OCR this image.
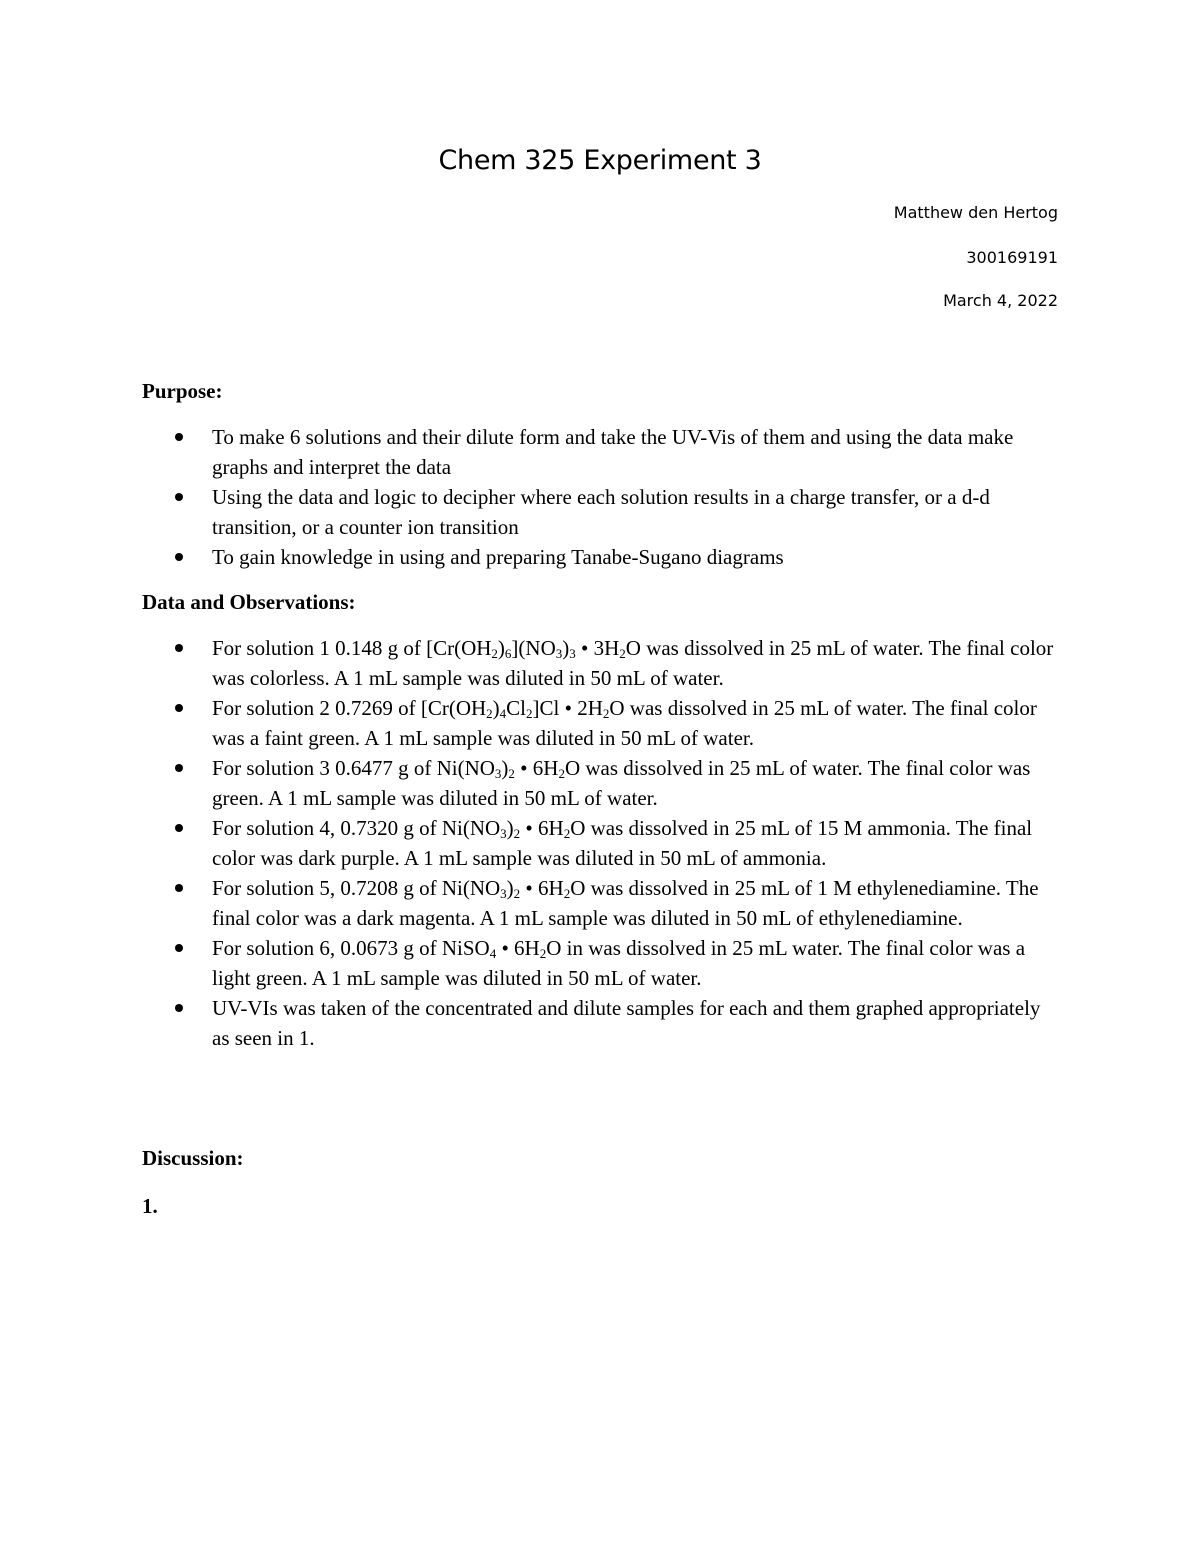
Chem 325 Experiment 3
Matthew den Hertog
300169191
March 4, 2022
Purpose:
To make 6 solutions and their dilute form and take the UV-Vis of them and using the data make graphs and interpret the data
Using the data and logic to decipher where each solution results in a charge transfer, or a d-d transition, or a counter ion transition
To gain knowledge in using and preparing Tanabe-Sugano diagrams
Data and Observations:
For solution 1 0.148 g of $[Cr(OH_2)_6](NO_3)_3$ • $3H_2O$ was dissolved in 25 mL of water. The final color was colorless. A 1 mL sample was diluted in 50 mL of water.
For solution 2 0.7269 of $[Cr(OH_2)_4Cl_2]Cl$ • $2H_2O$ was dissolved in 25 mL of water. The final color was a faint green. A 1 mL sample was diluted in 50 mL of water.
For solution 3 0.6477 g of $Ni(NO_3)_2$ • $6H_2O$ was dissolved in 25 mL of water. The final color was green. A 1 mL sample was diluted in 50 mL of water.
For solution 4, 0.7320 g of $Ni(NO_3)_2$ • $6H_2O$ was dissolved in 25 mL of 15 M ammonia. The final color was dark purple. A 1 mL sample was diluted in 50 mL of ammonia.
For solution 5, 0.7208 g of $Ni(NO_3)_2$ • $6H_2O$ was dissolved in 25 mL of 1 M ethylenediamine. The final color was a dark magenta. A 1 mL sample was diluted in 50 mL of ethylenediamine.
For solution 6, 0.0673 g of NiSO$_4$ • $6H_2O$ in was dissolved in 25 mL water. The final color was a light green. A 1 mL sample was diluted in 50 mL of water.
UV-VIs was taken of the concentrated and dilute samples for each and them graphed appropriately as seen in 1.
Discussion:
1.
